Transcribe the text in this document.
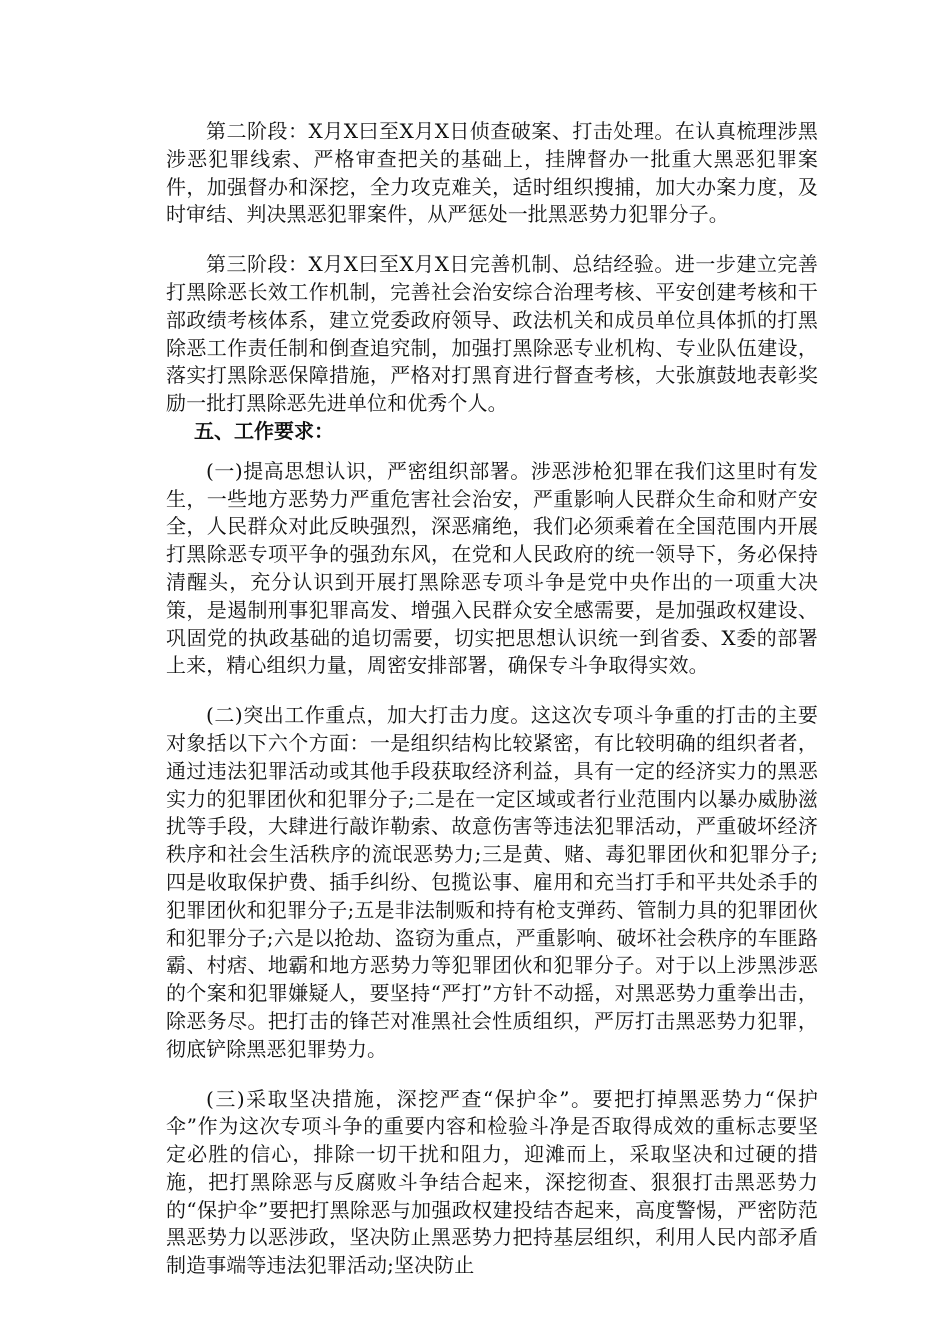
第二阶段：X月X曰至X月X日侦查破案、打击处理。在认真梳理涉黑涉恶犯罪线索、严格审查把关的基础上，挂牌督办一批重大黑恶犯罪案件，加强督办和深挖，全力攻克难关，适时组织搜捕，加大办案力度，及时审结、判决黑恶犯罪案件，从严惩处一批黑恶势力犯罪分子。

第三阶段：X月X曰至X月X日完善机制、总结经验。进一步建立完善打黑除恶长效工作机制，完善社会治安综合治理考核、平安创建考核和干部政绩考核体系，建立党委政府领导、政法机关和成员单位具体抓的打黑除恶工作责任制和倒查追究制，加强打黑除恶专业机构、专业队伍建设，落实打黑除恶保障措施，严格对打黑育进行督查考核，大张旗鼓地表彰奖励一批打黑除恶先进单位和优秀个人。

五、工作要求：

(一)提高思想认识，严密组织部署。涉恶涉枪犯罪在我们这里时有发生，一些地方恶势力严重危害社会治安，严重影响人民群众生命和财产安全，人民群众对此反映强烈，深恶痛绝，我们必须乘着在全国范围内开展打黑除恶专项平争的强劲东风，在党和人民政府的统一领导下，务必保持清醒头，充分认识到开展打黑除恶专项斗争是党中央作出的一项重大决策，是遏制刑事犯罪高发、增强入民群众安全感需要，是加强政权建设、巩固党的执政基础的追切需要，切实把思想认识统一到省委、X委的部署上来，精心组织力量，周密安排部署，确保专斗争取得实效。

(二)突出工作重点，加大打击力度。这这次专项斗争重的打击的主要对象括以下六个方面：一是组织结构比较紧密，有比较明确的组织者者，通过违法犯罪活动或其他手段获取经济利益，具有一定的经济实力的黑恶实力的犯罪团伙和犯罪分子;二是在一定区域或者行业范围内以暴办威胁滋扰等手段，大肆进行敲诈勒索、故意伤害等违法犯罪活动，严重破坏经济秩序和社会生活秩序的流氓恶势力;三是黄、赌、毒犯罪团伙和犯罪分子;四是收取保护费、插手纠纷、包揽讼事、雇用和充当打手和平共处杀手的犯罪团伙和犯罪分子;五是非法制贩和持有枪支弹药、管制力具的犯罪团伙和犯罪分子;六是以抢劫、盗窃为重点，严重影响、破坏社会秩序的车匪路霸、村痞、地霸和地方恶势力等犯罪团伙和犯罪分子。对于以上涉黑涉恶的个案和犯罪嫌疑人，要坚持“严打”方针不动摇，对黑恶势力重拳出击，除恶务尽。把打击的锋芒对准黑社会性质组织，严厉打击黑恶势力犯罪，彻底铲除黑恶犯罪势力。

(三)采取坚决措施，深挖严查“保护伞”。要把打掉黑恶势力“保护伞”作为这次专项斗争的重要内容和检验斗净是否取得成效的重标志要坚定必胜的信心，排除一切干扰和阻力，迎滩而上，采取坚决和过硬的措施，把打黑除恶与反腐败斗争结合起来，深挖彻查、狠狠打击黑恶势力的“保护伞”要把打黑除恶与加强政权建投结杏起来，高度警惕，严密防范黑恶势力以恶涉政，坚决防止黑恶势力把持基层组织，利用人民内部矛盾制造事端等违法犯罪活动;坚决防止
